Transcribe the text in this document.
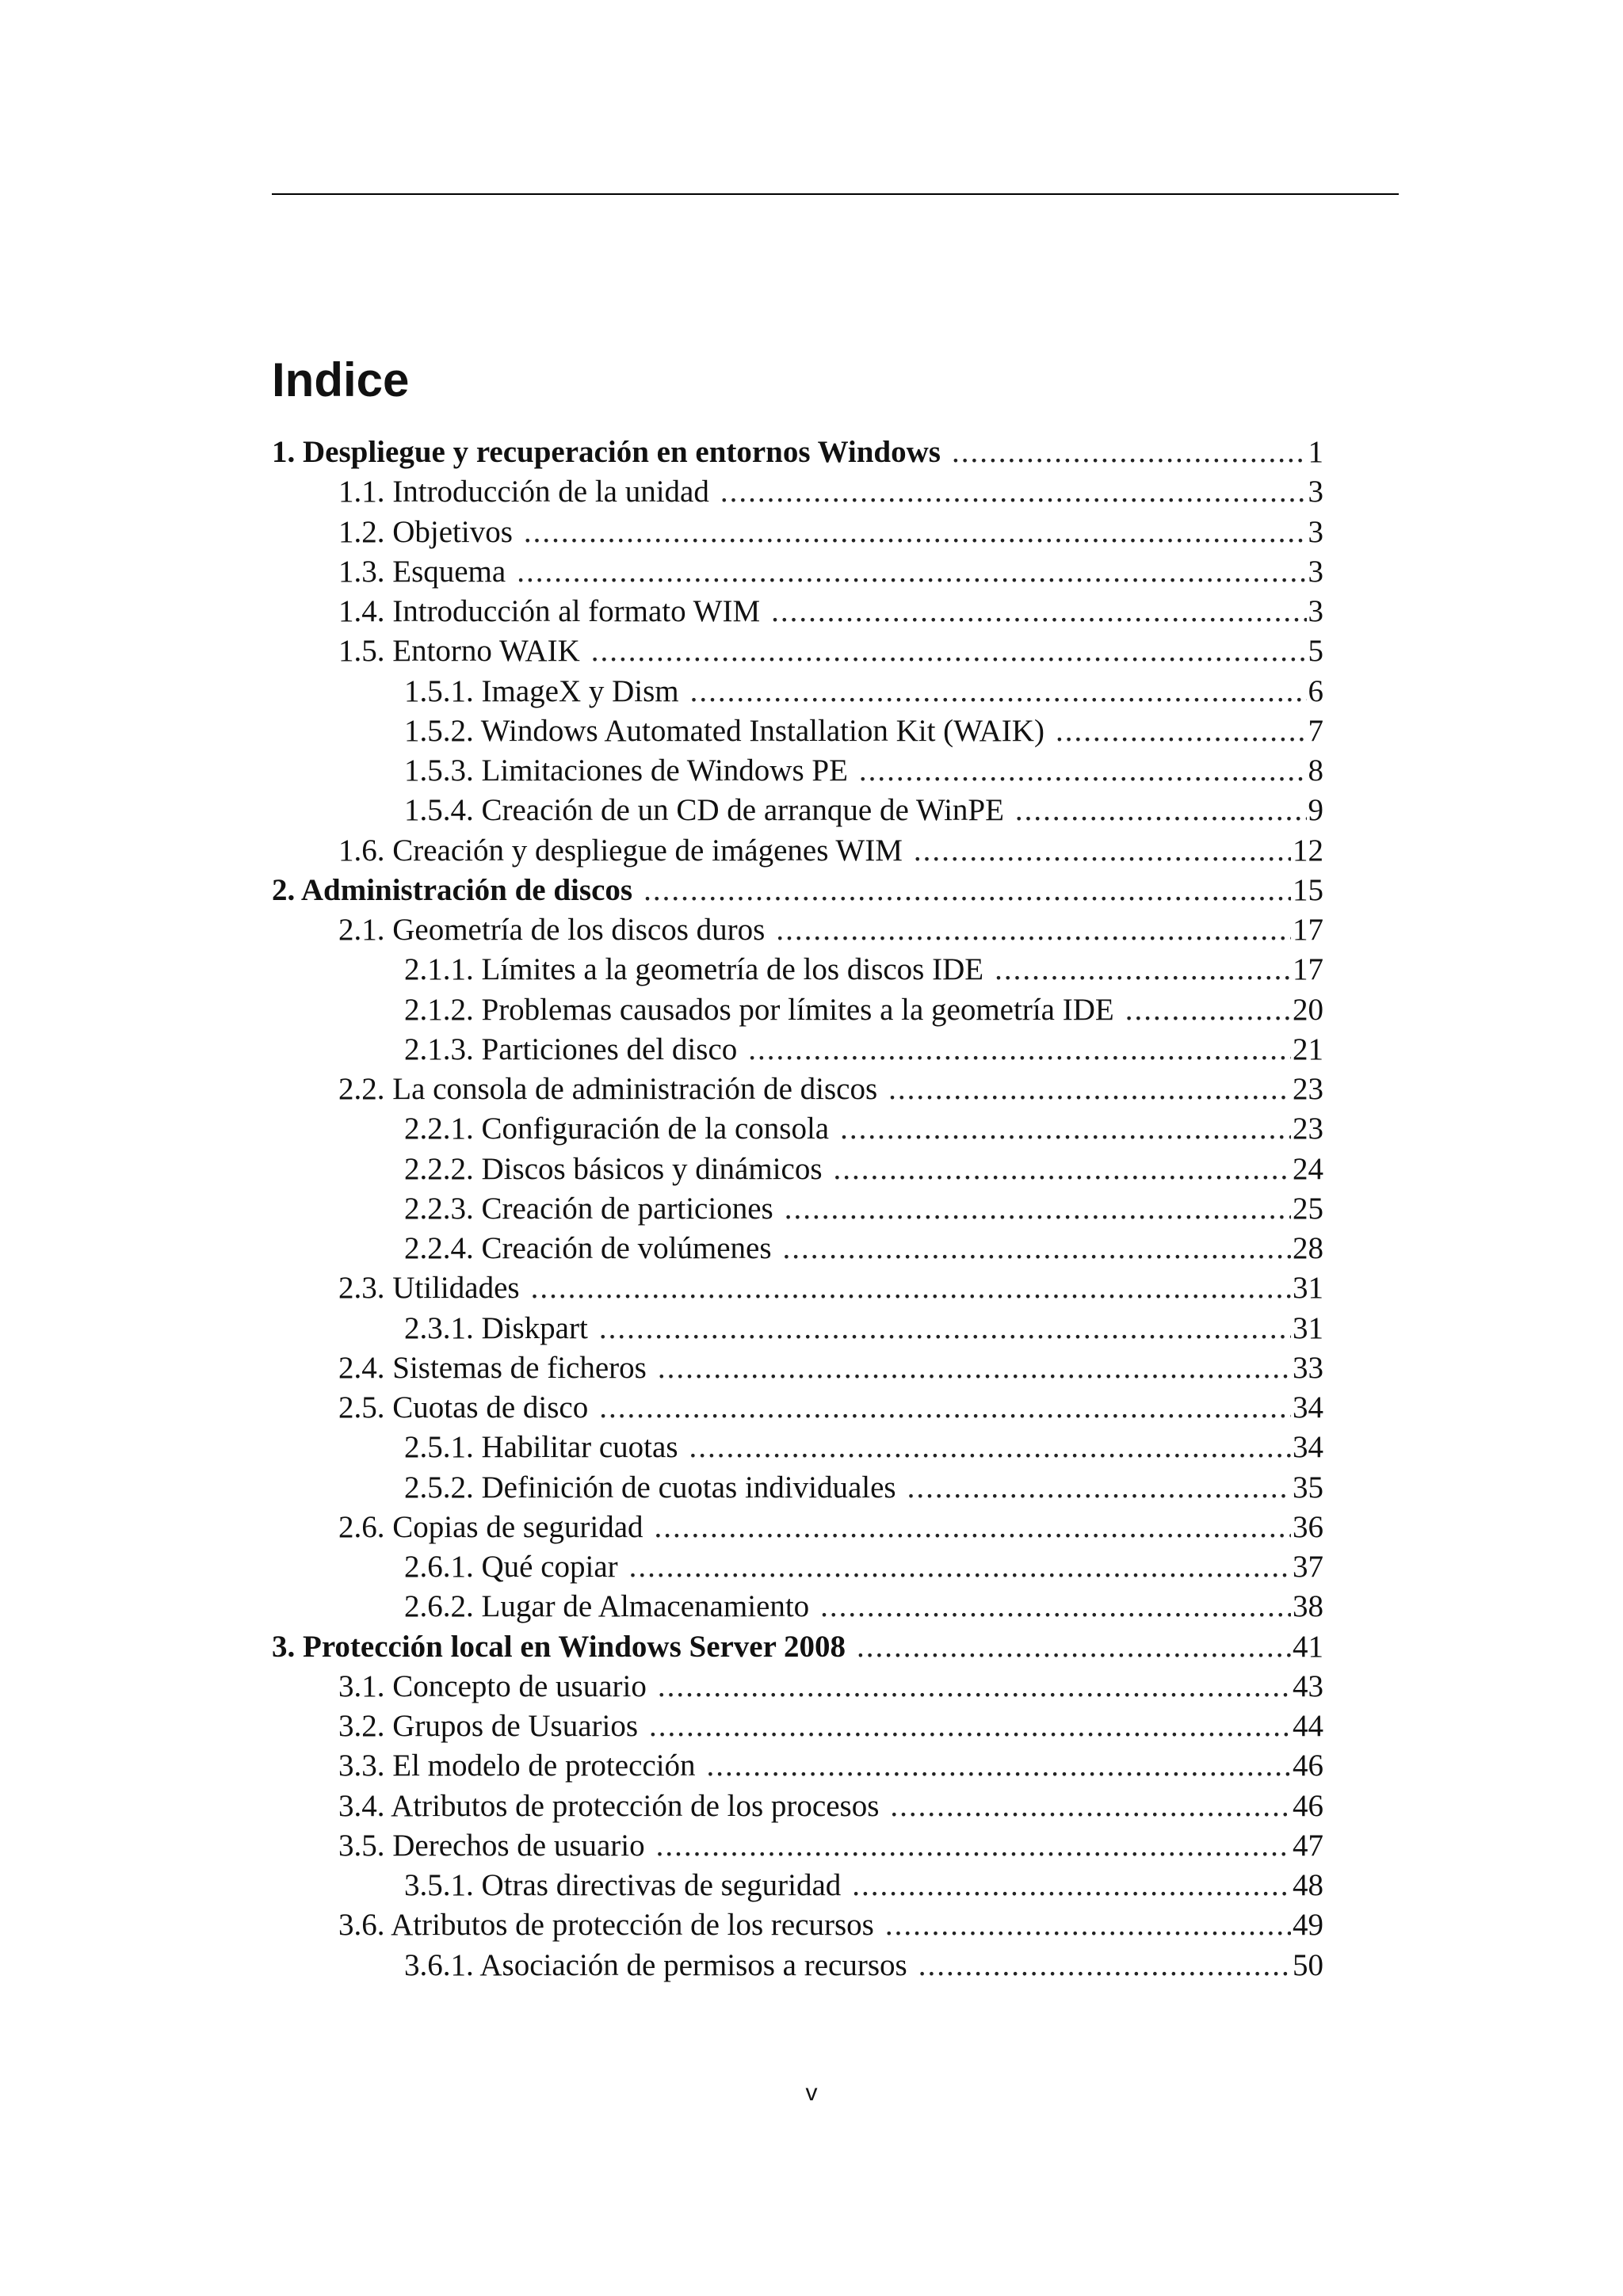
Indice
1. Despliegue y recuperación en entornos Windows .....	1
1.1. Introducción de la unidad .....	3
1.2. Objetivos .....	3
1.3. Esquema .....	3
1.4. Introducción al formato WIM .....	3
1.5. Entorno WAIK .....	5
1.5.1. ImageX y Dism .....	6
1.5.2. Windows Automated Installation Kit (WAIK) .....	7
1.5.3. Limitaciones de Windows PE .....	8
1.5.4. Creación de un CD de arranque de WinPE .....	9
1.6. Creación y despliegue de imágenes WIM .....	12
2. Administración de discos .....	15
2.1. Geometría de los discos duros .....	17
2.1.1. Límites a la geometría de los discos IDE .....	17
2.1.2. Problemas causados por límites a la geometría IDE .....	20
2.1.3. Particiones del disco .....	21
2.2. La consola de administración de discos .....	23
2.2.1. Configuración de la consola .....	23
2.2.2. Discos básicos y dinámicos .....	24
2.2.3. Creación de particiones .....	25
2.2.4. Creación de volúmenes .....	28
2.3. Utilidades .....	31
2.3.1. Diskpart .....	31
2.4. Sistemas de ficheros .....	33
2.5. Cuotas de disco .....	34
2.5.1. Habilitar cuotas .....	34
2.5.2. Definición de cuotas individuales .....	35
2.6. Copias de seguridad .....	36
2.6.1. Qué copiar .....	37
2.6.2. Lugar de Almacenamiento .....	38
3. Protección local en Windows Server 2008 .....	41
3.1. Concepto de usuario .....	43
3.2. Grupos de Usuarios .....	44
3.3. El modelo de protección .....	46
3.4. Atributos de protección de los procesos .....	46
3.5. Derechos de usuario .....	47
3.5.1. Otras directivas de seguridad .....	48
3.6. Atributos de protección de los recursos .....	49
3.6.1. Asociación de permisos a recursos .....	50
v
